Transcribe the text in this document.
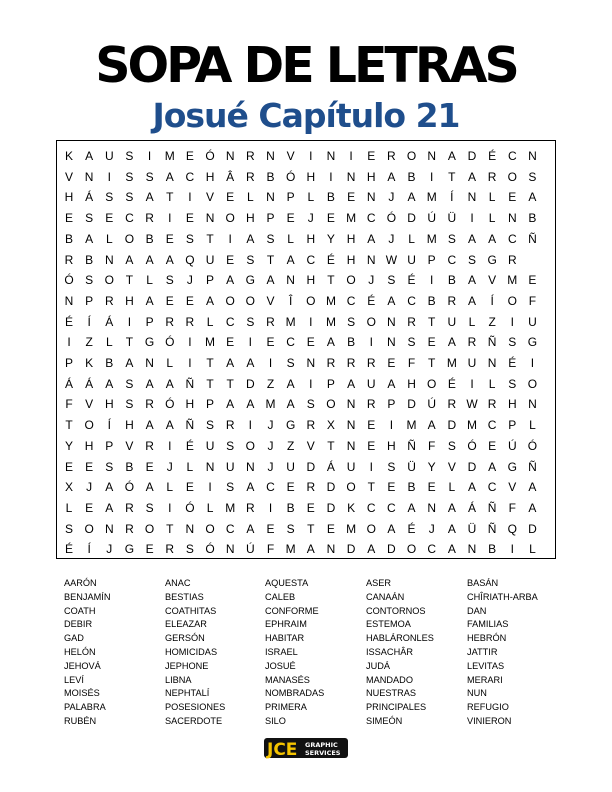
SOPA DE LETRAS
Josué Capítulo 21
K	A U S	I	M E Ó N R N V	I	N	I	E R O N A D É C N
V N	I	S	S	A C H Â R B Ó H	I	N H A	B	I	T	A R O S
H Á	S	S	A	T	I	V	E	L	N P	L	B	E N	J	A M	Í	N	L	E	A
E	S	E C R	I	E N O H P	E	J	E M C Ó D Ú Ü	I	L	N B
B	A	L	O B	E	S	T	I	A	S	L	H Y H A	J	L M S	A	A C Ñ
R B N A	A	A Q U E	S	T	A C É H N W U P C S G R
Ó S O T	L	S	J	P	A G A N H	T O	J	S	É	I	B	A	V M E
N P R H A	E	E	A O O V	Î	O M C É	A C B R A	Í	O F
É	Í	Á	I	P R R	L	C S R M	I	M S O N R	T	U	L	Z	I	U
I	Z	L	T G Ó	I	M E	I	E C E	A	B	I	N S	E	A R Ñ S G
P	K	B	A N	L	I	T	A	A	I	S N R R R E	F	T M U N É	I
Á	Á	A	S	A	A Ñ	T	T	D	Z	A	I	P	A U A H O É	I	L	S O
F	V H S R Ó H P	A	A M A	S O N R P D Ú R W R H N
T O	Í	H A	A Ñ S R	I	J	G R X N E	I	M A D M C P	L
Y H P	V R	I	É U S O	J	Z	V	T	N E H Ñ	F	S Ó E Ú Ó
E	E	S	B	E	J	L	N U N	J	U D Á U	I	S Ü Y	V D A G Ñ
X	J	A Ó A	L	E	I	S	A C E R D O T	E	B	E	L	A C V	A
L	E	A R S	I	Ó	L M R	I	B	E D K C C A N A	Á Ñ	F	A
S O N R O T	N O C A	E	S	T	E M O A	É	J	A Ü Ñ Q D
É	Í	J	G E R S Ó N Ú	F M A N D A D O C A N B	I	L
AARÓN
BENJAMÍN
COATH
DEBIR
GAD
HELÓN
JEHOVÁ
LEVÍ
MOISÉS
PALABRA
RUBÉN
ANAC
BESTIAS
COATHITAS
ELEAZAR
GERSÓN
HOMICIDAS
JEPHONE
LIBNA
NEPHTALÍ
POSESIONES
SACERDOTE
AQUESTA
CALEB
CONFORME
EPHRAIM
HABITAR
ISRAEL
JOSUÉ
MANASÉS
NOMBRADAS
PRIMERA
SILO
ASER
CANAÁN
CONTORNOS
ESTEMOA
HABLÁRONLES
ISSACHÂR
JUDÁ
MANDADO
NUESTRAS
PRINCIPALES
SIMEÓN
BASÁN
CHÎRIATH-ARBA
DAN
FAMILIAS
HEBRÓN
JATTIR
LEVITAS
MERARI
NUN
REFUGIO
VINIERON
JCE GRAPHIC
SERVICES
